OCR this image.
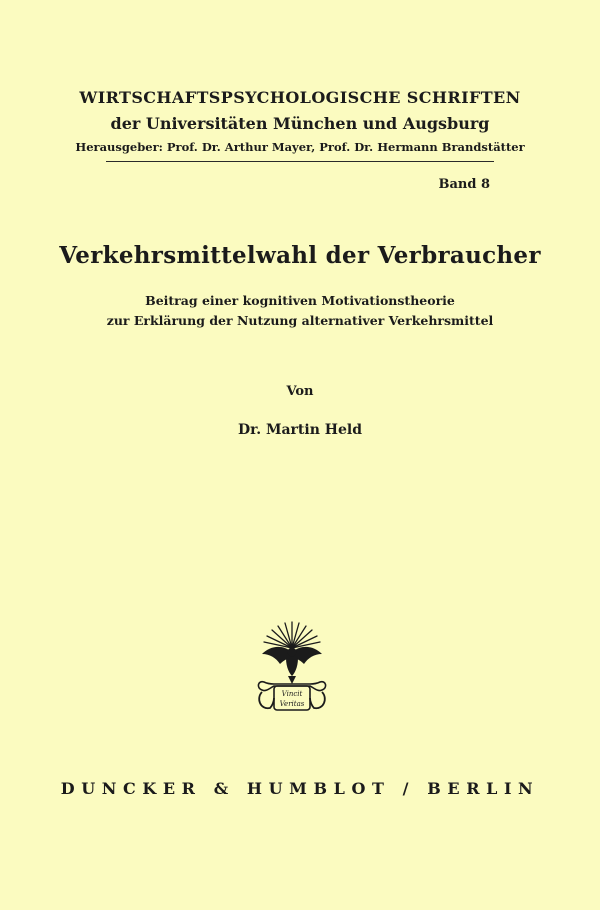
WIRTSCHAFTSPSYCHOLOGISCHE SCHRIFTEN
der Universitäten München und Augsburg
Herausgeber: Prof. Dr. Arthur Mayer, Prof. Dr. Hermann Brandstätter
Band 8
Verkehrsmittelwahl der Verbraucher
Beitrag einer kognitiven Motivationstheorie
zur Erklärung der Nutzung alternativer Verkehrsmittel
Von
Dr. Martin Held
Vincit
Veritas
DUNCKER & HUMBLOT / BERLIN
